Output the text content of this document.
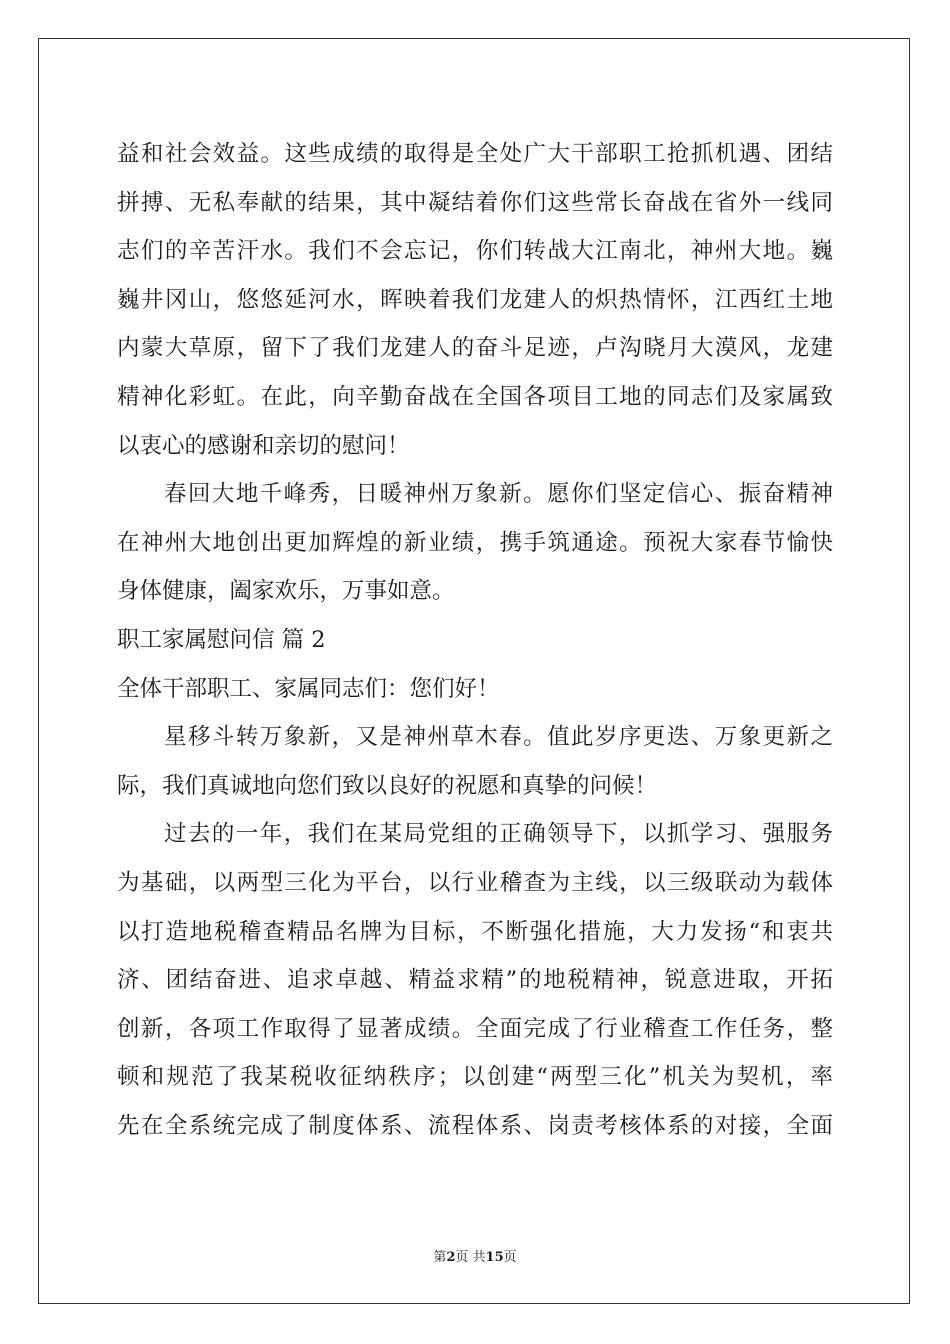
益和社会效益。这些成绩的取得是全处广大干部职工抢抓机遇、团结
拼搏、无私奉献的结果，其中凝结着你们这些常长奋战在省外一线同
志们的辛苦汗水。我们不会忘记，你们转战大江南北，神州大地。巍
巍井冈山，悠悠延河水，晖映着我们龙建人的炽热情怀，江西红土地
内蒙大草原，留下了我们龙建人的奋斗足迹，卢沟晓月大漠风，龙建
精神化彩虹。在此，向辛勤奋战在全国各项目工地的同志们及家属致
以衷心的感谢和亲切的慰问！
春回大地千峰秀，日暖神州万象新。愿你们坚定信心、振奋精神
在神州大地创出更加辉煌的新业绩，携手筑通途。预祝大家春节愉快
身体健康，阖家欢乐，万事如意。
职工家属慰问信 篇 2
全体干部职工、家属同志们：您们好！
星移斗转万象新，又是神州草木春。值此岁序更迭、万象更新之
际，我们真诚地向您们致以良好的祝愿和真挚的问候！
过去的一年，我们在某局党组的正确领导下，以抓学习、强服务
为基础，以两型三化为平台，以行业稽查为主线，以三级联动为载体
以打造地税稽查精品名牌为目标，不断强化措施，大力发扬“和衷共
济、团结奋进、追求卓越、精益求精”的地税精神，锐意进取，开拓
创新，各项工作取得了显著成绩。全面完成了行业稽查工作任务，整
顿和规范了我某税收征纳秩序；以创建“两型三化”机关为契机，率
先在全系统完成了制度体系、流程体系、岗责考核体系的对接，全面
第2页 共15页
